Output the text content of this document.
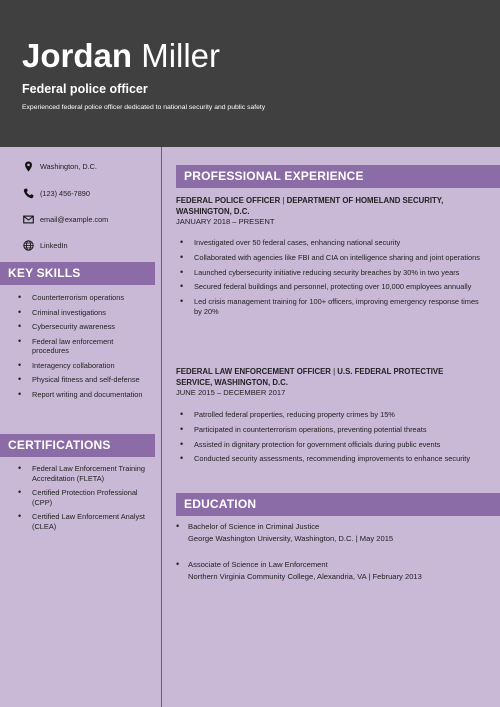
Jordan Miller
Federal police officer
Experienced federal police officer dedicated to national security and public safety
Washington, D.C.
(123) 456-7890
email@example.com
LinkedIn
KEY SKILLS
• Counterterrorism operations
• Criminal investigations
• Cybersecurity awareness
• Federal law enforcement procedures
• Interagency collaboration
• Physical fitness and self-defense
• Report writing and documentation
CERTIFICATIONS
• Federal Law Enforcement Training Accreditation (FLETA)
• Certified Protection Professional (CPP)
• Certified Law Enforcement Analyst (CLEA)
PROFESSIONAL EXPERIENCE
FEDERAL POLICE OFFICER | DEPARTMENT OF HOMELAND SECURITY, WASHINGTON, D.C.
JANUARY 2018 – PRESENT
• Investigated over 50 federal cases, enhancing national security
• Collaborated with agencies like FBI and CIA on intelligence sharing and joint operations
• Launched cybersecurity initiative reducing security breaches by 30% in two years
• Secured federal buildings and personnel, protecting over 10,000 employees annually
• Led crisis management training for 100+ officers, improving emergency response times by 20%
FEDERAL LAW ENFORCEMENT OFFICER | U.S. FEDERAL PROTECTIVE SERVICE, WASHINGTON, D.C.
JUNE 2015 – DECEMBER 2017
• Patrolled federal properties, reducing property crimes by 15%
• Participated in counterterrorism operations, preventing potential threats
• Assisted in dignitary protection for government officials during public events
• Conducted security assessments, recommending improvements to enhance security
EDUCATION
• Bachelor of Science in Criminal Justice
George Washington University, Washington, D.C. | May 2015
• Associate of Science in Law Enforcement
Northern Virginia Community College, Alexandria, VA | February 2013
